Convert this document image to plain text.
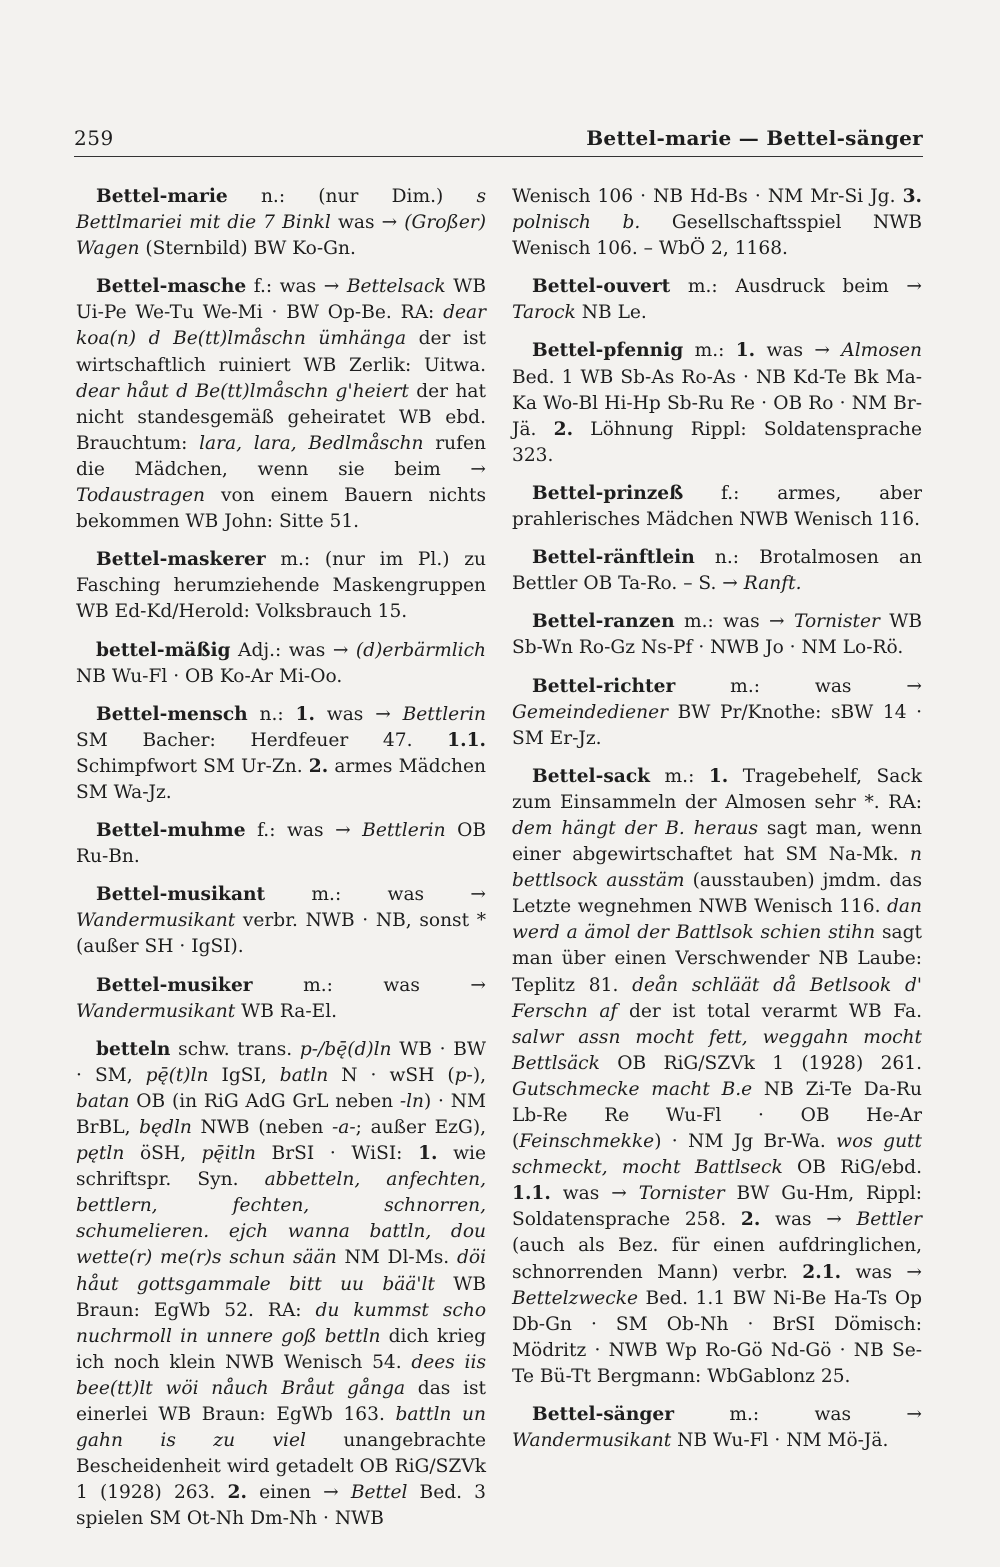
259	Bettel-marie — Bettel-sänger

Bettel-marie n.: (nur Dim.) s Bettlmariei mit die 7 Binkl was → (Großer) Wagen (Sternbild) BW Ko-Gn.

Bettel-masche f.: was → Bettelsack WB Ui-Pe We-Tu We-Mi · BW Op-Be. RA: dear koa(n) d Be(tt)lmåschn ümhänga der ist wirtschaftlich ruiniert WB Zerlik: Uitwa. dear håut d Be(tt)lmåschn g'heiert der hat nicht standesgemäß geheiratet WB ebd. Brauchtum: lara, lara, Bedlmåschn rufen die Mädchen, wenn sie beim → Todaustragen von einem Bauern nichts bekommen WB John: Sitte 51.

Bettel-maskerer m.: (nur im Pl.) zu Fasching herumziehende Maskengruppen WB Ed-Kd/Herold: Volksbrauch 15.

bettel-mäßig Adj.: was → (d)erbärmlich NB Wu-Fl · OB Ko-Ar Mi-Oo.

Bettel-mensch n.: 1. was → Bettlerin SM Bacher: Herdfeuer 47. 1.1. Schimpfwort SM Ur-Zn. 2. armes Mädchen SM Wa-Jz.

Bettel-muhme f.: was → Bettlerin OB Ru-Bn.

Bettel-musikant m.: was → Wandermusikant verbr. NWB · NB, sonst * (außer SH · IgSI).

Bettel-musiker m.: was → Wandermusikant WB Ra-El.

betteln schw. trans. p-/bę̄(d)ln WB · BW · SM, pę̄(t)ln IgSI, batln N · wSH (p-), batan OB (in RiG AdG GrL neben -ln) · NM BrBL, będln NWB (neben -a-; außer EzG), pętln öSH, pę̄itln BrSI · WiSI: 1. wie schriftspr. Syn. abbetteln, anfechten, bettlern, fechten, schnorren, schumelieren. ejch wanna battln, dou wette(r) me(r)s schun sään NM Dl-Ms. döi håut gottsgammale bitt uu bää'lt WB Braun: EgWb 52. RA: du kummst scho nuchrmoll in unnere goß bettln dich krieg ich noch klein NWB Wenisch 54. dees iis bee(tt)lt wöi nåuch Bråut gånga das ist einerlei WB Braun: EgWb 163. battln un gahn is zu viel unangebrachte Bescheidenheit wird getadelt OB RiG/SZVk 1 (1928) 263. 2. einen → Bettel Bed. 3 spielen SM Ot-Nh Dm-Nh · NWB

Wenisch 106 · NB Hd-Bs · NM Mr-Si Jg. 3. polnisch b. Gesellschaftsspiel NWB Wenisch 106. – WbÖ 2, 1168.

Bettel-ouvert m.: Ausdruck beim → Tarock NB Le.

Bettel-pfennig m.: 1. was → Almosen Bed. 1 WB Sb-As Ro-As · NB Kd-Te Bk Ma-Ka Wo-Bl Hi-Hp Sb-Ru Re · OB Ro · NM Br-Jä. 2. Löhnung Rippl: Soldatensprache 323.

Bettel-prinzeß f.: armes, aber prahlerisches Mädchen NWB Wenisch 116.

Bettel-ränftlein n.: Brotalmosen an Bettler OB Ta-Ro. – S. → Ranft.

Bettel-ranzen m.: was → Tornister WB Sb-Wn Ro-Gz Ns-Pf · NWB Jo · NM Lo-Rö.

Bettel-richter m.: was → Gemeindediener BW Pr/Knothe: sBW 14 · SM Er-Jz.

Bettel-sack m.: 1. Tragebehelf, Sack zum Einsammeln der Almosen sehr *. RA: dem hängt der B. heraus sagt man, wenn einer abgewirtschaftet hat SM Na-Mk. n bettlsock ausstäm (ausstauben) jmdm. das Letzte wegnehmen NWB Wenisch 116. dan werd a ämol der Battlsok schien stihn sagt man über einen Verschwender NB Laube: Teplitz 81. deån schläät då Betlsook d' Ferschn af der ist total verarmt WB Fa. salwr assn mocht fett, weggahn mocht Bettlsäck OB RiG/SZVk 1 (1928) 261. Gutschmecke macht B.e NB Zi-Te Da-Ru Lb-Re Re Wu-Fl · OB He-Ar (Feinschmekke) · NM Jg Br-Wa. wos gutt schmeckt, mocht Battlseck OB RiG/ebd. 1.1. was → Tornister BW Gu-Hm, Rippl: Soldatensprache 258. 2. was → Bettler (auch als Bez. für einen aufdringlichen, schnorrenden Mann) verbr. 2.1. was → Bettelzwecke Bed. 1.1 BW Ni-Be Ha-Ts Op Db-Gn · SM Ob-Nh · BrSI Dömisch: Mödritz · NWB Wp Ro-Gö Nd-Gö · NB Se-Te Bü-Tt Bergmann: WbGablonz 25.

Bettel-sänger m.: was → Wandermusikant NB Wu-Fl · NM Mö-Jä.
